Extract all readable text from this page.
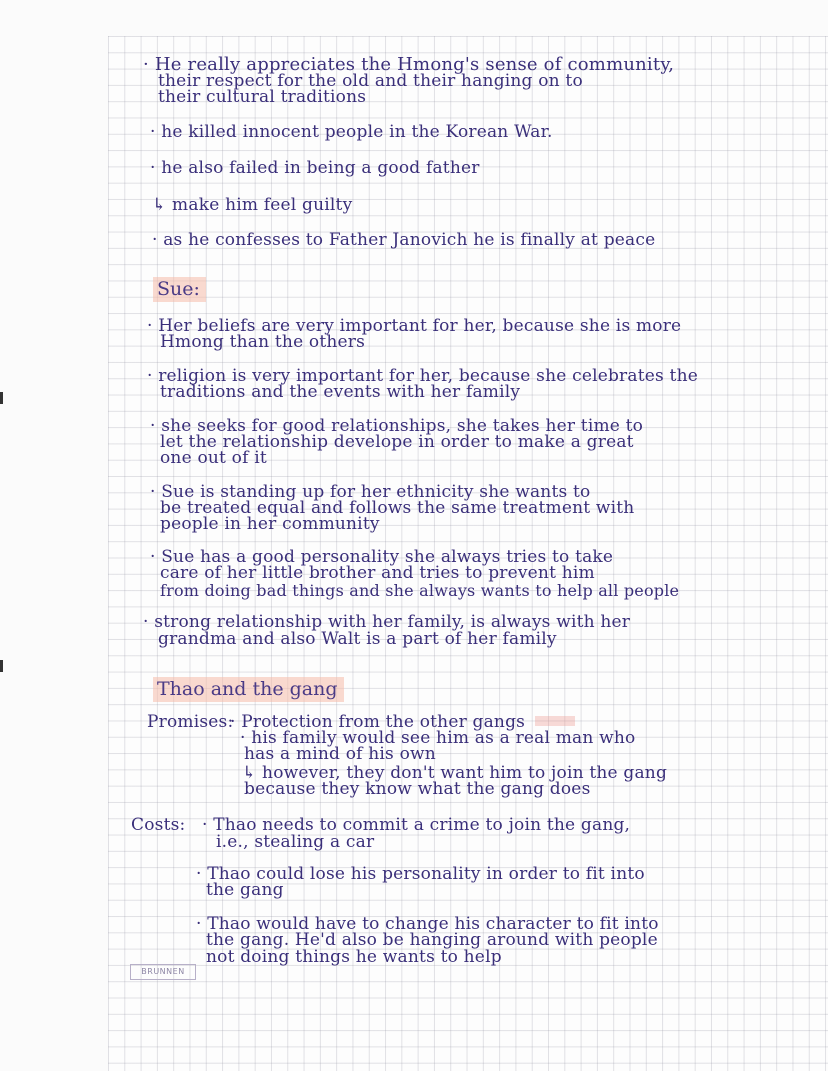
· He really appreciates the Hmong's sense of community,
their respect for the old and their hanging on to
their cultural traditions
· he killed innocent people in the Korean War.
· he also failed in being a good father
↳ make him feel guilty
· as he confesses to Father Janovich he is finally at peace
Sue:
· Her beliefs are very important for her, because she is more
Hmong than the others
· religion is very important for her, because she celebrates the
traditions and the events with her family
· she seeks for good relationships, she takes her time to
let the relationship develope in order to make a great
one out of it
· Sue is standing up for her ethnicity she wants to
be treated equal and follows the same treatment with
people in her community
· Sue has a good personality she always tries to take
care of her little brother and tries to prevent him
from doing bad things and she always wants to help all people
· strong relationship with her family, is always with her
grandma and also Walt is a part of her family
Thao and the gang
Promises:
· Protection from the other gangs
· his family would see him as a real man who
has a mind of his own
↳ however, they don't want him to join the gang
because they know what the gang does
Costs: · Thao needs to commit a crime to join the gang,
i.e., stealing a car
· Thao could lose his personality in order to fit into
the gang
· Thao would have to change his character to fit into
the gang. He'd also be hanging around with people
not doing things he wants to help
BRUNNEN
